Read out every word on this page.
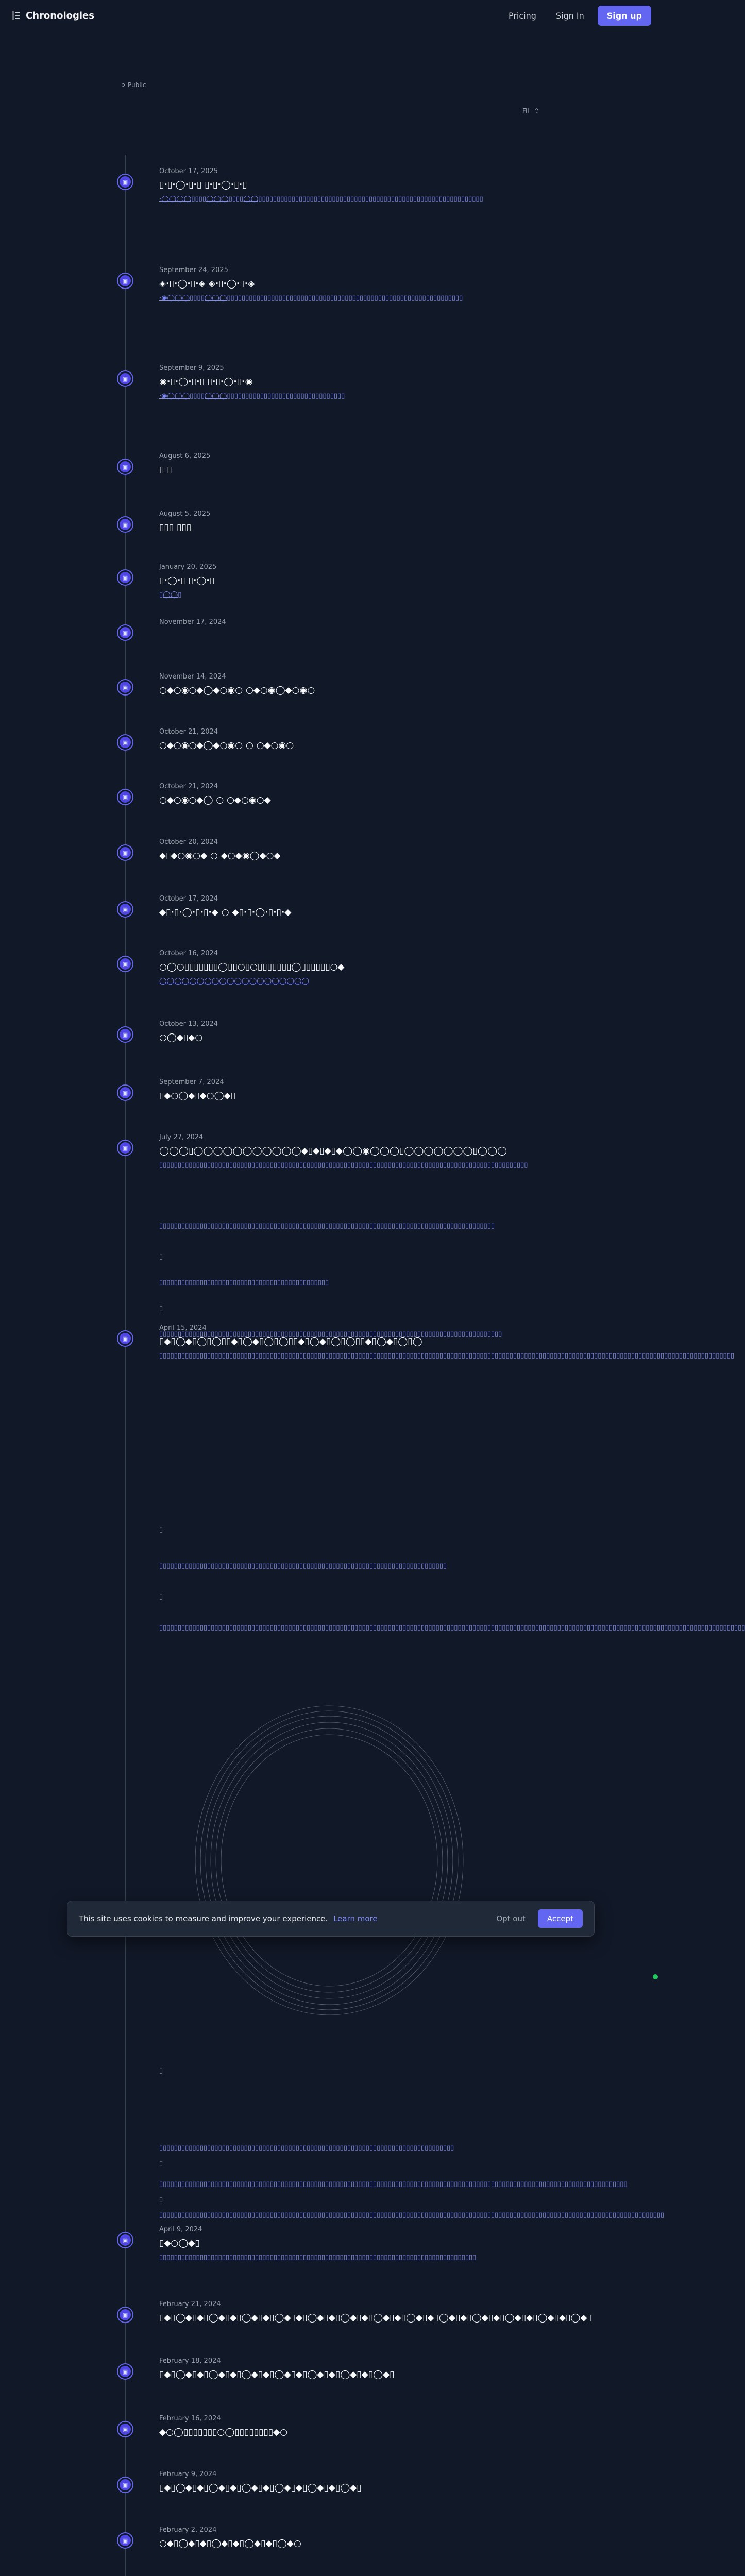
Chronologies	Pricing	Sign In	Sign up
Public
Fil ⇪
▣
October 17, 2025
▯·▯·◯·▯·▯ ▯·▯·◯·▯·▯
‧◯◯◯◯▯▯▯▯◯◯◯▯▯▯▯◯◯▯▯▯▯▯▯▯▯▯▯▯▯▯▯▯▯▯▯▯▯▯▯▯▯▯▯▯▯▯▯▯▯▯▯▯▯▯▯▯▯▯▯▯▯▯▯▯▯▯▯▯▯▯▯▯▯▯▯▯▯▯
▣
September 24, 2025
◈·▯·◯·▯·◈ ◈·▯·◯·▯·◈
‧◉◯◯◯▯▯▯▯◯◯◯▯▯▯▯▯▯▯▯▯▯▯▯▯▯▯▯▯▯▯▯▯▯▯▯▯▯▯▯▯▯▯▯▯▯▯▯▯▯▯▯▯▯▯▯▯▯▯▯▯▯▯▯▯▯▯▯▯▯▯▯▯▯▯▯
▣
September 9, 2025
◉·▯·◯·▯·▯ ▯·▯·◯·▯·◉
‧◉◯◯◯▯▯▯▯◯◯◯▯▯▯▯▯▯▯▯▯▯▯▯▯▯▯▯▯▯▯▯▯▯▯▯▯▯▯▯▯▯▯▯
▣
August 6, 2025
▯ ▯
▣
August 5, 2025
▯▯▯ ▯▯▯
▣
January 20, 2025
▯·◯·▯ ▯·◯·▯
▯◯◯▯
▣
November 17, 2024
▣
November 14, 2024
○◆○◉○◆◯◆○◉○ ○◆○◉◯◆○◉○
▣
October 21, 2024
○◆○◉○◆◯◆○◉○ ○ ○◆○◉○
▣
October 21, 2024
○◆○◉○◆◯ ○ ○◆○◉○◆
▣
October 20, 2024
◆▯◆○◉○◆ ○ ◆○◆◉◯◆○◆
▣
October 17, 2024
◆▯·▯·◯·▯·▯·◆ ○ ◆▯·▯·◯·▯·▯·◆
▣
October 16, 2024
○◯○▯▯▯▯▯▯▯◯▯▯○▯○▯▯▯▯▯▯▯◯▯▯▯▯▯▯○◆
◯◯◯◯◯◯◯◯◯◯◯◯◯◯◯◯◯◯◯◯
▣
October 13, 2024
○◯◆▯◆○
▣
September 7, 2024
▯◆○◯◆▯◆○◯◆▯
▣
July 27, 2024
◯◯◯▯◯◯◯◯◯◯◯◯◯◯◯◆▯◆▯◆▯◆◯◯◉◯◯◯▯◯◯◯◯◯◯◯▯◯◯◯
▯▯▯▯▯▯▯▯▯▯▯▯▯▯▯▯▯▯▯▯▯▯▯▯▯▯▯▯▯▯▯▯▯▯▯▯▯▯▯▯▯▯▯▯▯▯▯▯▯▯▯▯▯▯▯▯▯▯▯▯▯▯▯▯▯▯▯▯▯▯▯▯▯▯▯▯▯▯▯▯▯▯▯▯▯▯▯▯▯▯▯▯▯▯▯▯▯▯▯▯
▣
April 15, 2024
▯◆▯◯◆▯◯▯◯▯▯◆▯◯◆▯◯▯◯▯▯◆▯◯◆▯◯▯◯▯▯◆▯◯◆▯◯▯◯
▯▯▯▯▯▯▯▯▯▯▯▯▯▯▯▯▯▯▯▯▯▯▯▯▯▯▯▯▯▯▯▯▯▯▯▯▯▯▯▯▯▯▯▯▯▯▯▯▯▯▯▯▯▯▯▯▯▯▯▯▯▯▯▯▯▯▯▯▯▯▯▯▯▯▯▯▯▯▯▯▯▯▯▯▯▯▯▯▯▯▯▯▯▯▯▯▯▯▯▯▯▯▯▯▯▯▯▯▯▯▯▯▯▯▯▯▯▯▯▯▯▯▯▯▯▯▯▯▯▯▯▯▯▯▯▯▯▯▯▯▯▯▯▯▯▯▯▯▯▯▯▯▯▯▯▯
▣
April 9, 2024
▯◆○◯◆▯
▯▯▯▯▯▯▯▯▯▯▯▯▯▯▯▯▯▯▯▯▯▯▯▯▯▯▯▯▯▯▯▯▯▯▯▯▯▯▯▯▯▯▯▯▯▯▯▯▯▯▯▯▯▯▯▯▯▯▯▯▯▯▯▯▯▯▯▯▯▯▯▯▯▯▯▯▯▯▯▯▯▯▯▯▯▯
▣
February 21, 2024
▯◆▯◯◆▯◆▯◯◆▯◆▯◯◆▯◆▯◯◆▯◆▯◯◆▯◆▯◯◆▯◆▯◯◆▯◆▯◯◆▯◆▯◯◆▯◆▯◯◆▯◆▯◯◆▯◆▯◯◆▯◆▯◯◆▯
▣
February 18, 2024
▯◆▯◯◆▯◆▯◯◆▯◆▯◯◆▯◆▯◯◆▯◆▯◯◆▯◆▯◯◆▯◆▯◯◆▯
▣
February 16, 2024
◆○◯▯▯▯▯▯▯▯○◯▯▯▯▯▯▯▯▯◆○
▣
February 9, 2024
▯◆▯◯◆▯◆▯◯◆▯◆▯◯◆▯◆▯◯◆▯◆▯◯◆▯◆▯◯◆▯
▣
February 2, 2024
○◆▯◯◆▯◆▯◯◆▯◆▯◯◆▯◆▯◯◆○
This site uses cookies to measure and improve your experience. Learn more	Opt out	Accept
▯▯▯▯▯▯▯▯▯▯▯▯▯▯▯▯▯▯▯▯▯▯▯▯▯▯▯▯▯▯▯▯▯▯▯▯▯▯▯▯▯▯▯▯▯▯▯▯▯▯▯▯▯▯▯▯▯▯▯▯▯▯▯▯▯▯▯▯▯▯▯▯▯▯▯▯▯▯▯▯▯▯▯▯▯▯▯▯▯▯▯
▯
▯▯▯▯▯▯▯▯▯▯▯▯▯▯▯▯▯▯▯▯▯▯▯▯▯▯▯▯▯▯▯▯▯▯▯▯▯▯▯▯▯▯▯▯▯▯
▯
▯▯▯▯▯▯▯▯▯▯▯▯▯▯▯▯▯▯▯▯▯▯▯▯▯▯▯▯▯▯▯▯▯▯▯▯▯▯▯▯▯▯▯▯▯▯▯▯▯▯▯▯▯▯▯▯▯▯▯▯▯▯▯▯▯▯▯▯▯▯▯▯▯▯▯▯▯▯▯▯▯▯▯▯▯▯▯▯▯▯▯▯▯
▯
▯▯▯▯▯▯▯▯▯▯▯▯▯▯▯▯▯▯▯▯▯▯▯▯▯▯▯▯▯▯▯▯▯▯▯▯▯▯▯▯▯▯▯▯▯▯▯▯▯▯▯▯▯▯▯▯▯▯▯▯▯▯▯▯▯▯▯▯▯▯▯▯▯▯▯▯▯▯
▯
▯▯▯▯▯▯▯▯▯▯▯▯▯▯▯▯▯▯▯▯▯▯▯▯▯▯▯▯▯▯▯▯▯▯▯▯▯▯▯▯▯▯▯▯▯▯▯▯▯▯▯▯▯▯▯▯▯▯▯▯▯▯▯▯▯▯▯▯▯▯▯▯▯▯▯▯▯▯▯▯▯▯▯▯▯▯▯▯▯▯▯▯▯▯▯▯▯▯▯▯▯▯▯▯▯▯▯▯▯▯▯▯▯▯▯▯▯▯▯▯▯▯▯▯▯▯▯▯▯▯▯▯▯▯▯▯▯▯▯▯▯▯▯▯▯▯▯▯▯▯▯▯▯▯▯▯▯▯▯
▯
▯▯▯▯▯▯▯▯▯▯▯▯▯▯▯▯▯▯▯▯▯▯▯▯▯▯▯▯▯▯▯▯▯▯▯▯▯▯▯▯▯▯▯▯▯▯▯▯▯▯▯▯▯▯▯▯▯▯▯▯▯▯▯▯▯▯▯▯▯▯▯▯▯▯▯▯▯▯▯▯
▯
▯▯▯▯▯▯▯▯▯▯▯▯▯▯▯▯▯▯▯▯▯▯▯▯▯▯▯▯▯▯▯▯▯▯▯▯▯▯▯▯▯▯▯▯▯▯▯▯▯▯▯▯▯▯▯▯▯▯▯▯▯▯▯▯▯▯▯▯▯▯▯▯▯▯▯▯▯▯▯▯▯▯▯▯▯▯▯▯▯▯▯▯▯▯▯▯▯▯▯▯▯▯▯▯▯▯▯▯▯▯▯▯▯▯▯▯▯▯▯▯▯▯▯▯▯▯▯
▯
▯▯▯▯▯▯▯▯▯▯▯▯▯▯▯▯▯▯▯▯▯▯▯▯▯▯▯▯▯▯▯▯▯▯▯▯▯▯▯▯▯▯▯▯▯▯▯▯▯▯▯▯▯▯▯▯▯▯▯▯▯▯▯▯▯▯▯▯▯▯▯▯▯▯▯▯▯▯▯▯▯▯▯▯▯▯▯▯▯▯▯▯▯▯▯▯▯▯▯▯▯▯▯▯▯▯▯▯▯▯▯▯▯▯▯▯▯▯▯▯▯▯▯▯▯▯▯▯▯▯▯▯▯▯▯▯▯
